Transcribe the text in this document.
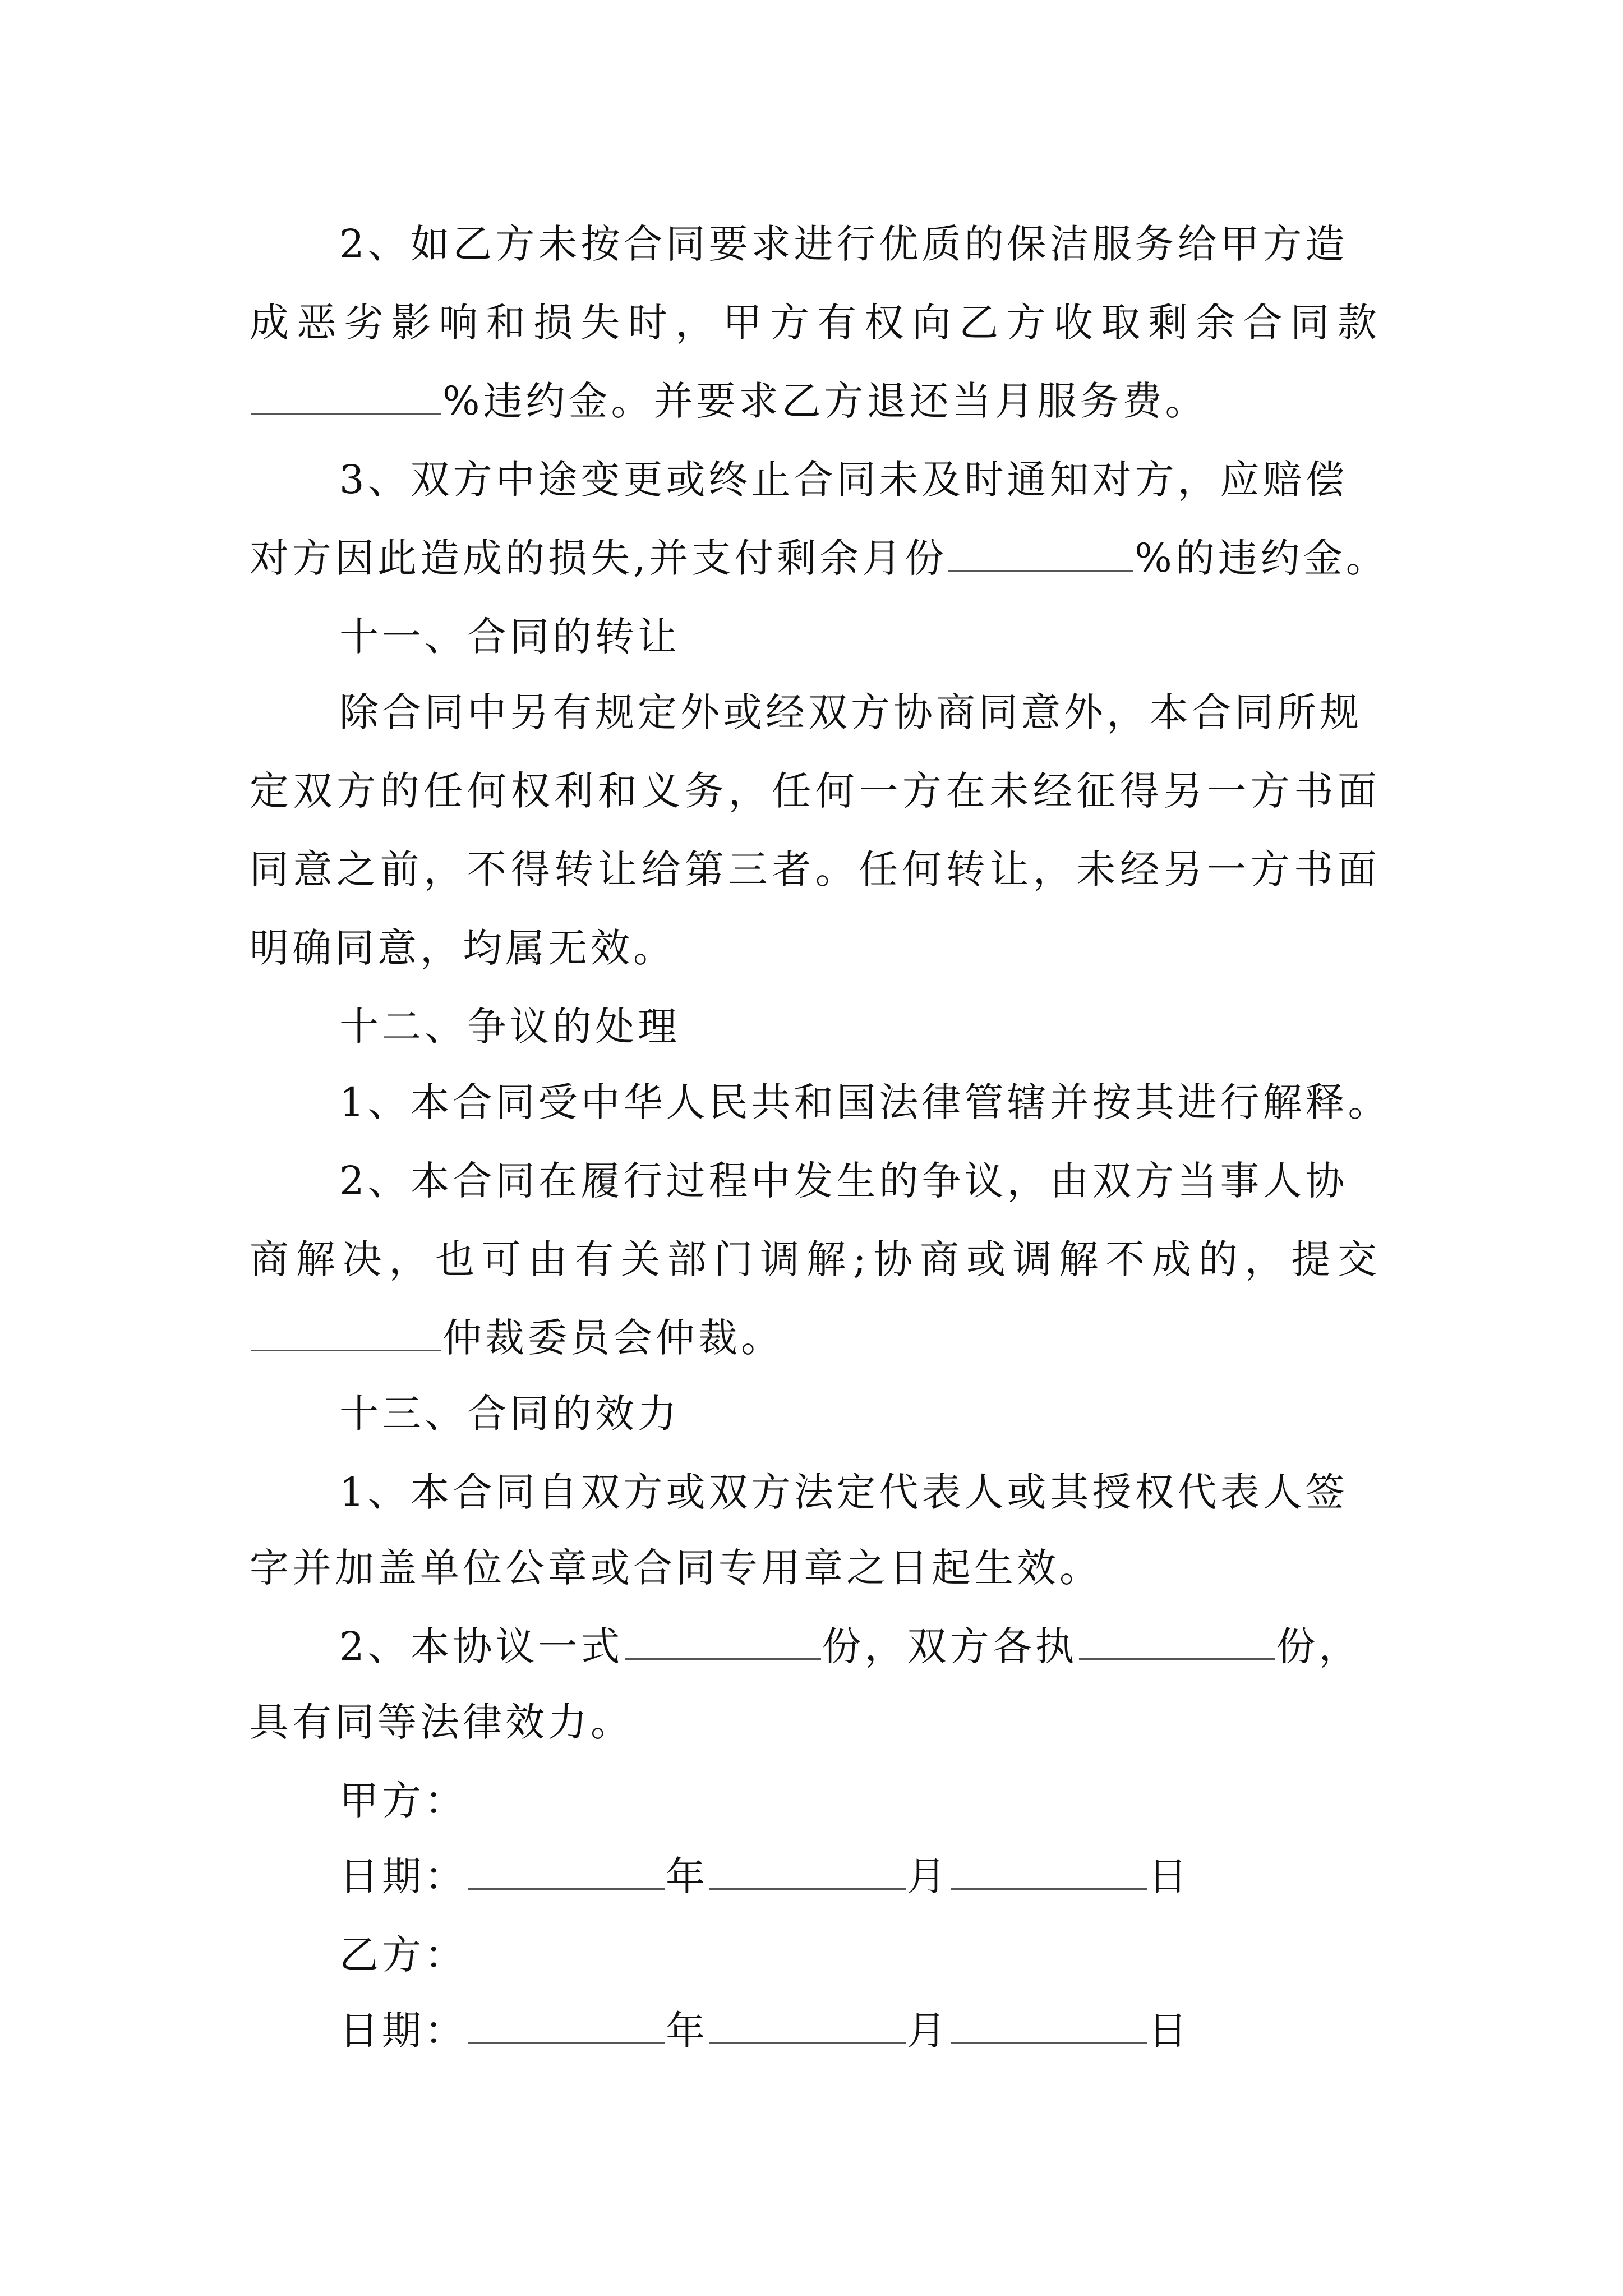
2、如乙方未按合同要求进行优质的保洁服务给甲方造
成恶劣影响和损失时，甲方有权向乙方收取剩余合同款
%违约金。并要求乙方退还当月服务费。
3、双方中途变更或终止合同未及时通知对方，应赔偿
对方因此造成的损失,并支付剩余月份	%的违约金。
十一、合同的转让
除合同中另有规定外或经双方协商同意外，本合同所规
定双方的任何权利和义务，任何一方在未经征得另一方书面
同意之前，不得转让给第三者。任何转让，未经另一方书面
明确同意，均属无效。
十二、争议的处理
1、本合同受中华人民共和国法律管辖并按其进行解释。
2、本合同在履行过程中发生的争议，由双方当事人协
商解决，也可由有关部门调解;协商或调解不成的，提交
仲裁委员会仲裁。
十三、合同的效力
1、本合同自双方或双方法定代表人或其授权代表人签
字并加盖单位公章或合同专用章之日起生效。
2、本协议一式	份，双方各执	份，
具有同等法律效力。
甲方：
日期：	年	月	日
乙方：
日期：	年	月	日
